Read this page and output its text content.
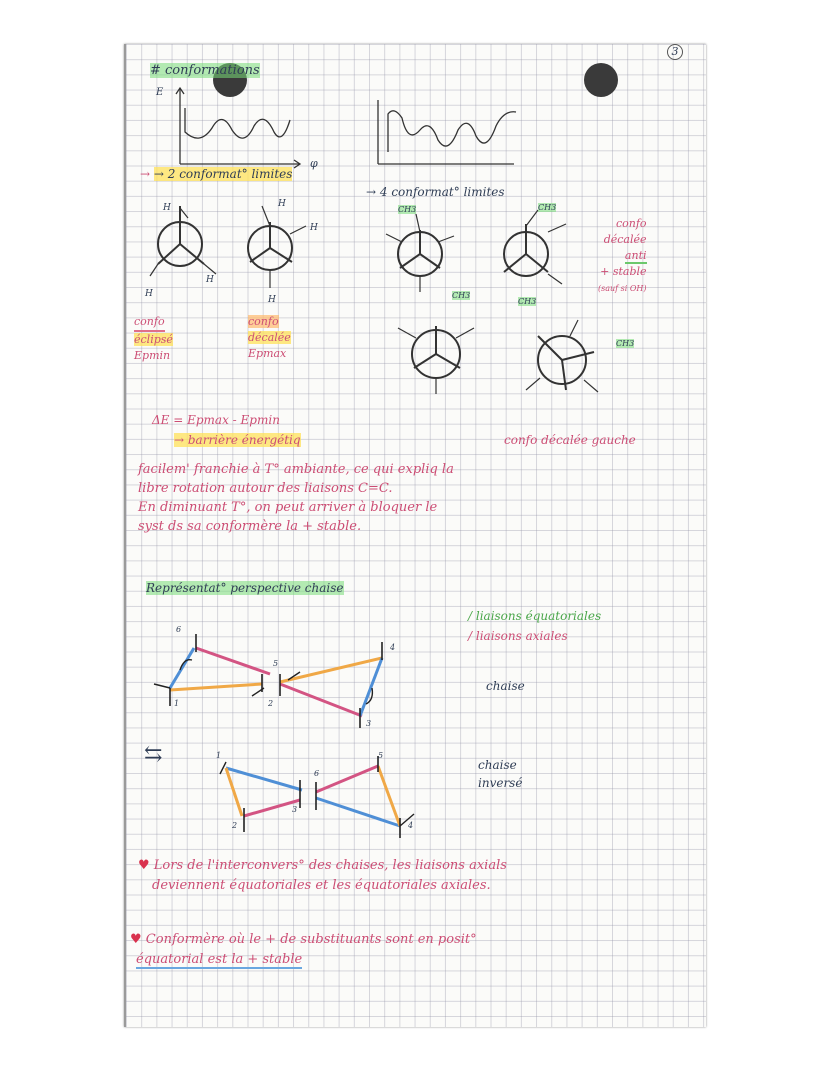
3
# conformations
E
φ
→ → 2 conformat° limites
→ 4 conformat° limites
H
H
H
H
H
H
CH3
CH3
CH3
CH3
CH3
confo
éclipsé
Epmin
confo
décalée
Epmax
confo
décalée
anti
+ stable
(sauf si OH)
confo décalée gauche
ΔE = Epmax - Epmin
→ barrière énergétiq
facilem' franchie à T° ambiante, ce qui expliq la
libre rotation autour des liaisons C=C.
En diminuant T°, on peut arriver à bloquer le
syst ds sa conformère la + stable.
Représentat° perspective chaise
/ liaisons équatoriales
/ liaisons axiales
chaise
chaise
inversé
⇆
6
1	2
3
4
5
1
2
3
4
5
6
♥ Lors de l'interconvers° des chaises, les liaisons axials
deviennent équatoriales et les équatoriales axiales.
♥ Conformère où le + de substituants sont en posit°
équatorial est la + stable
